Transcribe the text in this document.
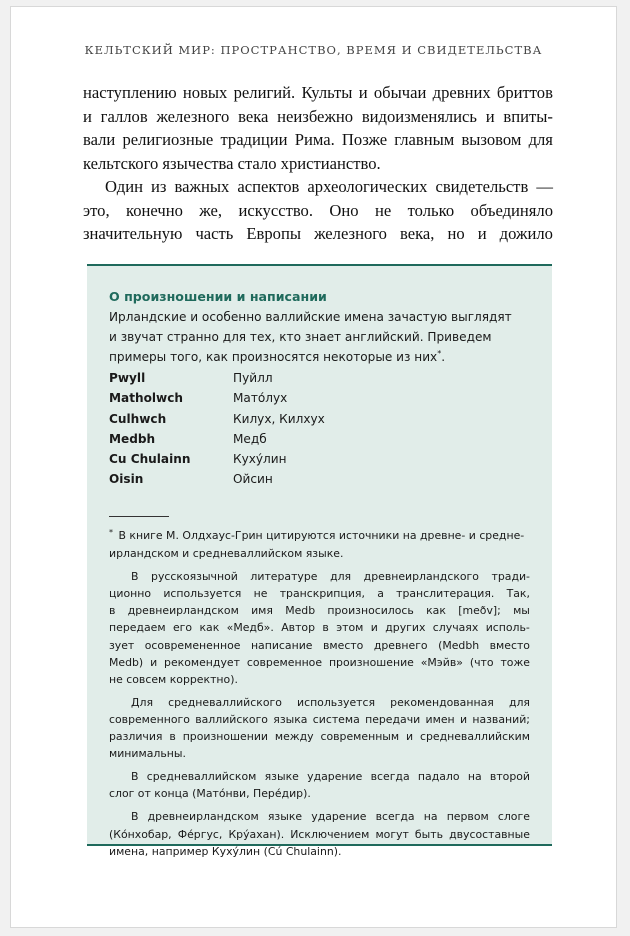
КЕЛЬТСКИЙ МИР: ПРОСТРАНСТВО, ВРЕМЯ И СВИДЕТЕЛЬСТВА
наступлению новых религий. Культы и обычаи древних бриттов
и галлов железного века неизбежно видоизменялись и впиты-
вали религиозные традиции Рима. Позже главным вызовом для
кельтского язычества стало христианство.
Один из важных аспектов археологических свидетельств —
это, конечно же, искусство. Оно не только объединяло
значительную часть Европы железного века, но и дожило
О произношении и написании
Ирландские и особенно валлийские имена зачастую выглядят
и звучат странно для тех, кто знает английский. Приведем
примеры того, как произносятся некоторые из них*.
Pwyll	Пуйлл
Matholwch	Мато́лух
Culhwch	Килух, Килхух
Medbh	Медб
Cu Chulainn	Куху́лин
Oisin	Ойсин
* В книге М. Олдхаус-Грин цитируются источники на древне- и средне-
ирландском и средневаллийском языке.
В русскоязычной литературе для древнеирландского тради-
ционно используется не транскрипция, а транслитерация. Так,
в древнеирландском имя Medb произносилось как [meðv]; мы
передаем его как «Медб». Автор в этом и других случаях исполь-
зует осовремененное написание вместо древнего (Medbh вместо
Medb) и рекомендует современное произношение «Мэйв» (что тоже
не совсем корректно).
Для средневаллийского используется рекомендованная для
современного валлийского языка система передачи имен и названий;
различия в произношении между современным и средневаллийским
минимальны.
В средневаллийском языке ударение всегда падало на второй
слог от конца (Мато́нви, Пере́дир).
В древнеирландском языке ударение всегда на первом слоге
(Ко́нхобар, Фе́ргус, Кру́ахан). Исключением могут быть двусоставные
имена, например Куху́лин (Cú Chulainn).
